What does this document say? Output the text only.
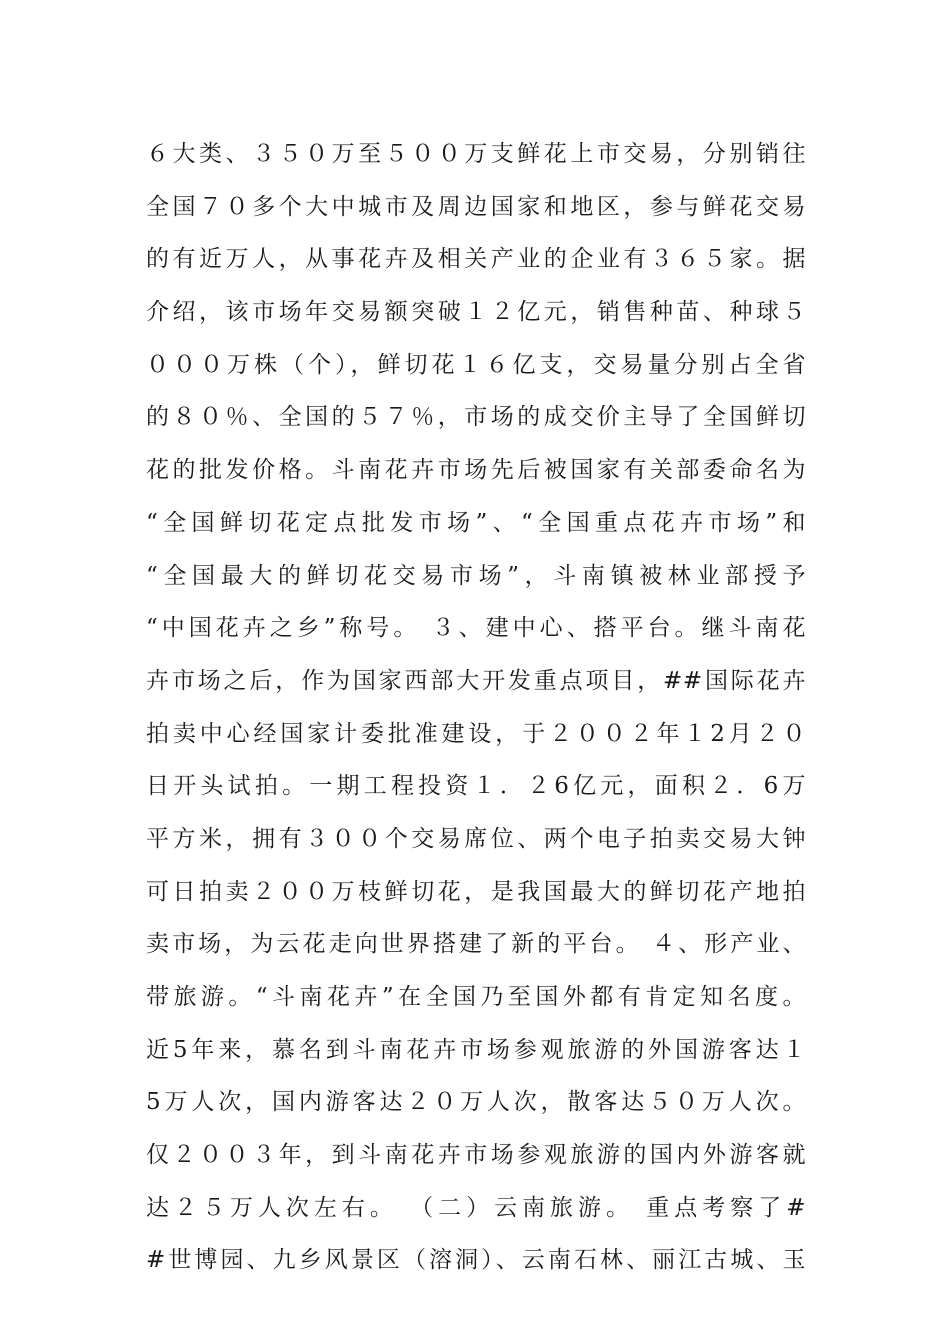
６大类、３５０万至５００万支鲜花上市交易，分别销往
全国７０多个大中城市及周边国家和地区，参与鲜花交易
的有近万人，从事花卉及相关产业的企业有３６５家。据
介绍，该市场年交易额突破１２亿元，销售种苗、种球５
０００万株（个），鲜切花１６亿支，交易量分别占全省
的８０％、全国的５７％，市场的成交价主导了全国鲜切
花的批发价格。斗南花卉市场先后被国家有关部委命名为
“全国鲜切花定点批发市场”、“全国重点花卉市场”和
“全国最大的鲜切花交易市场”，斗南镇被林业部授予
“中国花卉之乡”称号。 ３、建中心、搭平台。继斗南花
卉市场之后，作为国家西部大开发重点项目，##国际花卉
拍卖中心经国家计委批准建设，于２００２年１2月２０
日开头试拍。一期工程投资１．２6亿元，面积２．6万
平方米，拥有３００个交易席位、两个电子拍卖交易大钟
可日拍卖２００万枝鲜切花，是我国最大的鲜切花产地拍
卖市场，为云花走向世界搭建了新的平台。 ４、形产业、
带旅游。“斗南花卉”在全国乃至国外都有肯定知名度。
近5年来，慕名到斗南花卉市场参观旅游的外国游客达１
5万人次，国内游客达２０万人次，散客达５０万人次。
仅２００３年，到斗南花卉市场参观旅游的国内外游客就
达２５万人次左右。 （二）云南旅游。 重点考察了#
#世博园、九乡风景区（溶洞）、云南石林、丽江古城、玉
